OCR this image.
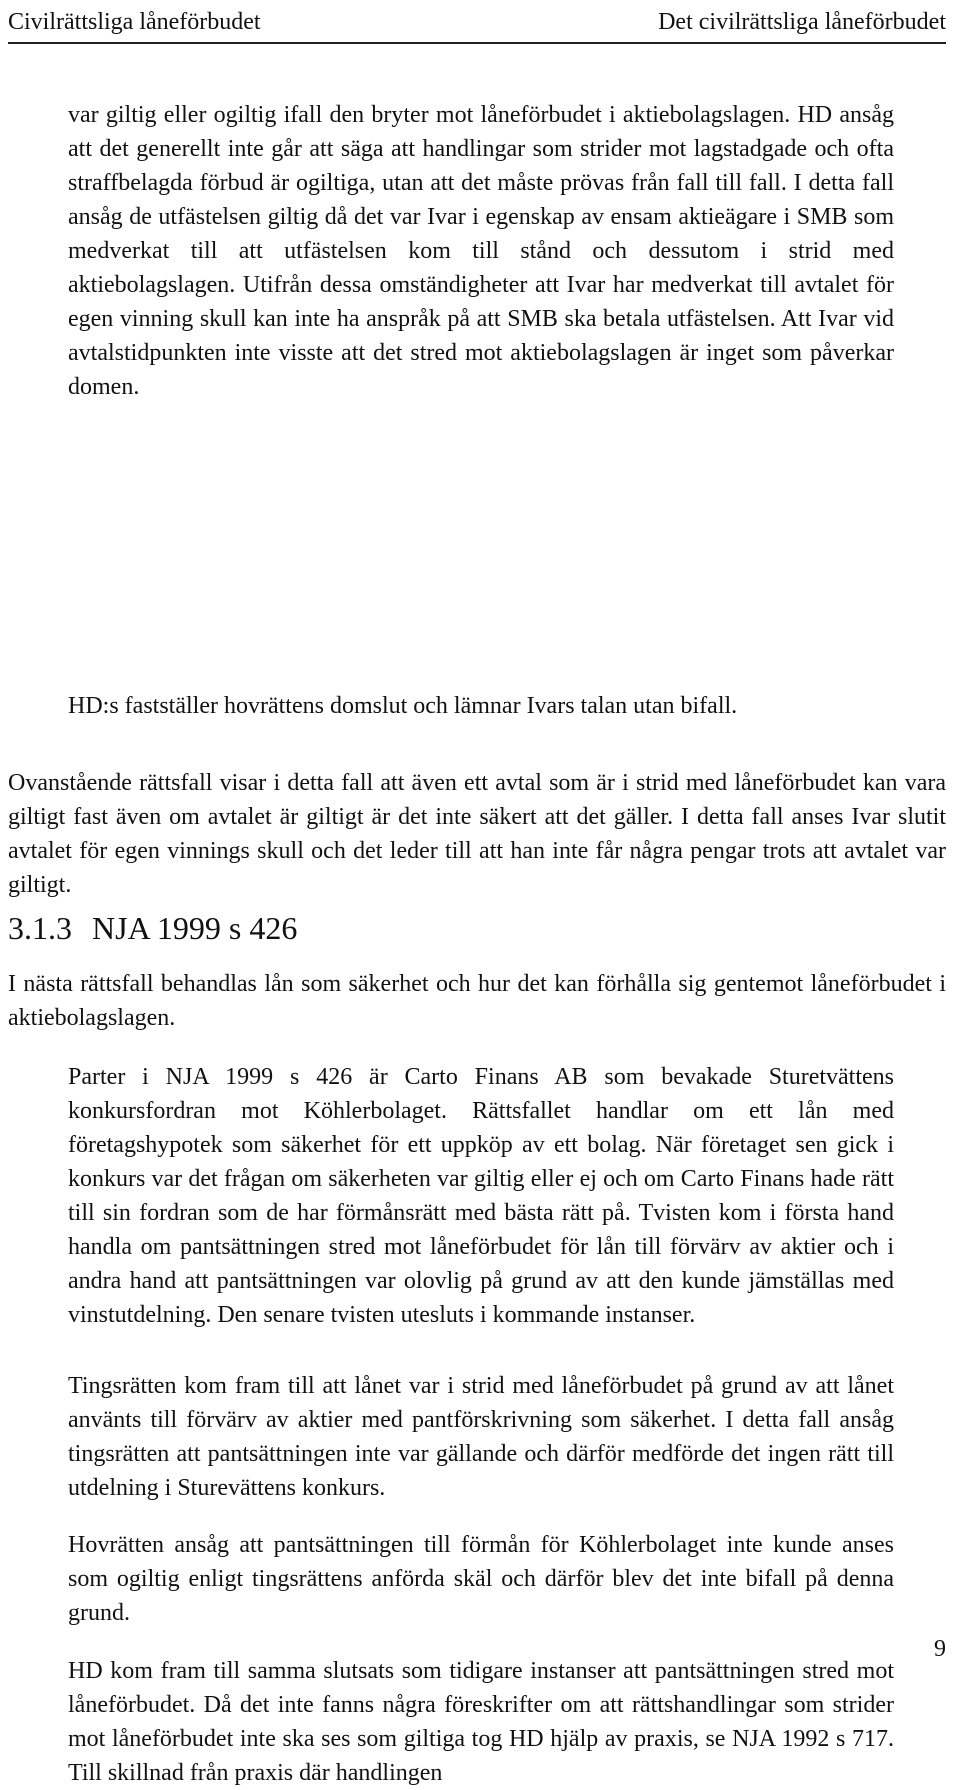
Civilrättsliga låneförbudet	Det civilrättsliga låneförbudet

var giltig eller ogiltig ifall den bryter mot låneförbudet i aktiebolagslagen. HD ansåg att det generellt inte går att säga att handlingar som strider mot lagstadgade och ofta straffbelagda förbud är ogiltiga, utan att det måste prövas från fall till fall. I detta fall ansåg de utfästelsen giltig då det var Ivar i egenskap av ensam aktieägare i SMB som medverkat till att utfästelsen kom till stånd och dessutom i strid med aktiebolagslagen. Utifrån dessa omständigheter att Ivar har medverkat till avtalet för egen vinning skull kan inte ha anspråk på att SMB ska betala utfästelsen. Att Ivar vid avtalstidpunkten inte visste att det stred mot aktiebolagslagen är inget som påverkar domen.

HD:s fastställer hovrättens domslut och lämnar Ivars talan utan bifall.

Ovanstående rättsfall visar i detta fall att även ett avtal som är i strid med låneförbudet kan vara giltigt fast även om avtalet är giltigt är det inte säkert att det gäller. I detta fall anses Ivar slutit avtalet för egen vinnings skull och det leder till att han inte får några pengar trots att avtalet var giltigt.

3.1.3 NJA 1999 s 426

I nästa rättsfall behandlas lån som säkerhet och hur det kan förhålla sig gentemot låneförbudet i aktiebolagslagen.

Parter i NJA 1999 s 426 är Carto Finans AB som bevakade Sturetvättens konkursfordran mot Köhlerbolaget. Rättsfallet handlar om ett lån med företagshypotek som säkerhet för ett uppköp av ett bolag. När företaget sen gick i konkurs var det frågan om säkerheten var giltig eller ej och om Carto Finans hade rätt till sin fordran som de har förmånsrätt med bästa rätt på. Tvisten kom i första hand handla om pantsättningen stred mot låneförbudet för lån till förvärv av aktier och i andra hand att pantsättningen var olovlig på grund av att den kunde jämställas med vinstutdelning. Den senare tvisten utesluts i kommande instanser.

Tingsrätten kom fram till att lånet var i strid med låneförbudet på grund av att lånet använts till förvärv av aktier med pantförskrivning som säkerhet. I detta fall ansåg tingsrätten att pantsättningen inte var gällande och därför medförde det ingen rätt till utdelning i Sturevättens konkurs.

Hovrätten ansåg att pantsättningen till förmån för Köhlerbolaget inte kunde anses som ogiltig enligt tingsrättens anförda skäl och därför blev det inte bifall på denna grund.

HD kom fram till samma slutsats som tidigare instanser att pantsättningen stred mot låneförbudet. Då det inte fanns några föreskrifter om att rättshandlingar som strider mot låneförbudet inte ska ses som giltiga tog HD hjälp av praxis, se NJA 1992 s 717. Till skillnad från praxis där handlingen

9
